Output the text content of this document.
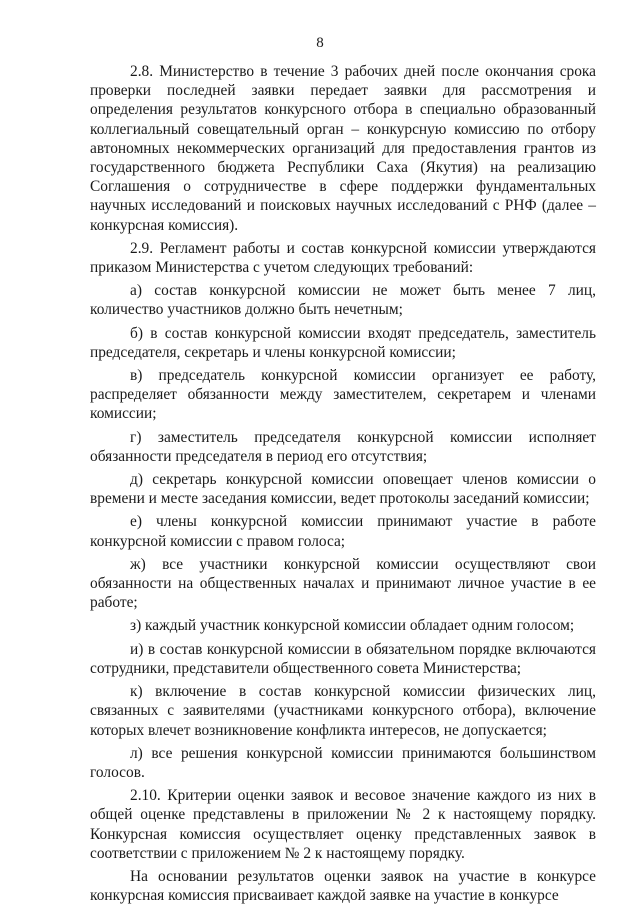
8

2.8. Министерство в течение 3 рабочих дней после окончания срока проверки последней заявки передает заявки для рассмотрения и определения результатов конкурсного отбора в специально образованный коллегиальный совещательный орган – конкурсную комиссию по отбору автономных некоммерческих организаций для предоставления грантов из государственного бюджета Республики Саха (Якутия) на реализацию Соглашения о сотрудничестве в сфере поддержки фундаментальных научных исследований и поисковых научных исследований с РНФ (далее – конкурсная комиссия).

2.9. Регламент работы и состав конкурсной комиссии утверждаются приказом Министерства с учетом следующих требований:

а) состав конкурсной комиссии не может быть менее 7 лиц, количество участников должно быть нечетным;

б) в состав конкурсной комиссии входят председатель, заместитель председателя, секретарь и члены конкурсной комиссии;

в) председатель конкурсной комиссии организует ее работу, распределяет обязанности между заместителем, секретарем и членами комиссии;

г) заместитель председателя конкурсной комиссии исполняет обязанности председателя в период его отсутствия;

д) секретарь конкурсной комиссии оповещает членов комиссии о времени и месте заседания комиссии, ведет протоколы заседаний комиссии;

е) члены конкурсной комиссии принимают участие в работе конкурсной комиссии с правом голоса;

ж) все участники конкурсной комиссии осуществляют свои обязанности на общественных началах и принимают личное участие в ее работе;

з) каждый участник конкурсной комиссии обладает одним голосом;

и) в состав конкурсной комиссии в обязательном порядке включаются сотрудники, представители общественного совета Министерства;

к) включение в состав конкурсной комиссии физических лиц, связанных с заявителями (участниками конкурсного отбора), включение которых влечет возникновение конфликта интересов, не допускается;

л) все решения конкурсной комиссии принимаются большинством голосов.

2.10. Критерии оценки заявок и весовое значение каждого из них в общей оценке представлены в приложении № 2 к настоящему порядку. Конкурсная комиссия осуществляет оценку представленных заявок в соответствии с приложением № 2 к настоящему порядку.

На основании результатов оценки заявок на участие в конкурсе конкурсная комиссия присваивает каждой заявке на участие в конкурсе
